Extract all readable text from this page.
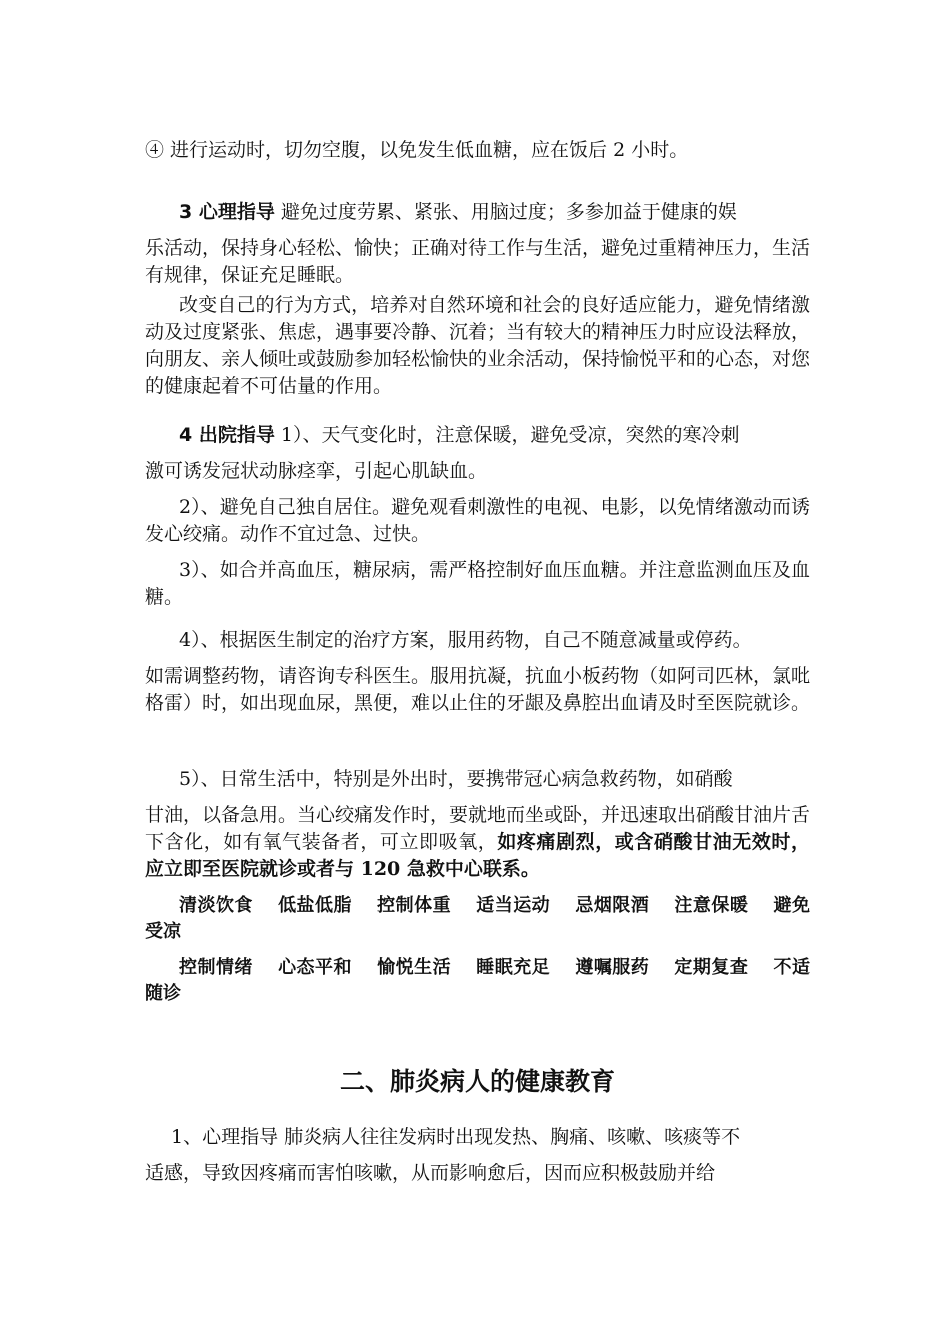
④ 进行运动时，切勿空腹，以免发生低血糖，应在饭后 2 小时。

3 心理指导 避免过度劳累、紧张、用脑过度；多参加益于健康的娱
乐活动，保持身心轻松、愉快；正确对待工作与生活，避免过重精神压力，生活有规律，保证充足睡眠。

改变自己的行为方式，培养对自然环境和社会的良好适应能力，避免情绪激动及过度紧张、焦虑，遇事要冷静、沉着；当有较大的精神压力时应设法释放，向朋友、亲人倾吐或鼓励参加轻松愉快的业余活动，保持愉悦平和的心态，对您的健康起着不可估量的作用。

4 出院指导 1）、天气变化时，注意保暖，避免受凉，突然的寒冷刺
激可诱发冠状动脉痉挛，引起心肌缺血。

2）、避免自己独自居住。避免观看刺激性的电视、电影，以免情绪激动而诱发心绞痛。动作不宜过急、过快。

3）、如合并高血压，糖尿病，需严格控制好血压血糖。并注意监测血压及血糖。

4）、根据医生制定的治疗方案，服用药物，自己不随意减量或停药。
如需调整药物，请咨询专科医生。服用抗凝，抗血小板药物（如阿司匹林，氯吡格雷）时，如出现血尿，黑便，难以止住的牙龈及鼻腔出血请及时至医院就诊。
5）、日常生活中，特别是外出时，要携带冠心病急救药物，如硝酸
甘油，以备急用。当心绞痛发作时，要就地而坐或卧，并迅速取出硝酸甘油片舌下含化，如有氧气装备者，可立即吸氧，如疼痛剧烈，或含硝酸甘油无效时，应立即至医院就诊或者与 120 急救中心联系。

清淡饮食　 低盐低脂 　控制体重　 适当运动 　忌烟限酒 　注意保暖 　避免受凉

控制情绪　 心态平和 　愉悦生活　 睡眠充足 　遵嘱服药 　定期复查 　不适随诊

二、肺炎病人的健康教育
1、心理指导 肺炎病人往往发病时出现发热、胸痛、咳嗽、咳痰等不
适感，导致因疼痛而害怕咳嗽，从而影响愈后，因而应积极鼓励并给
